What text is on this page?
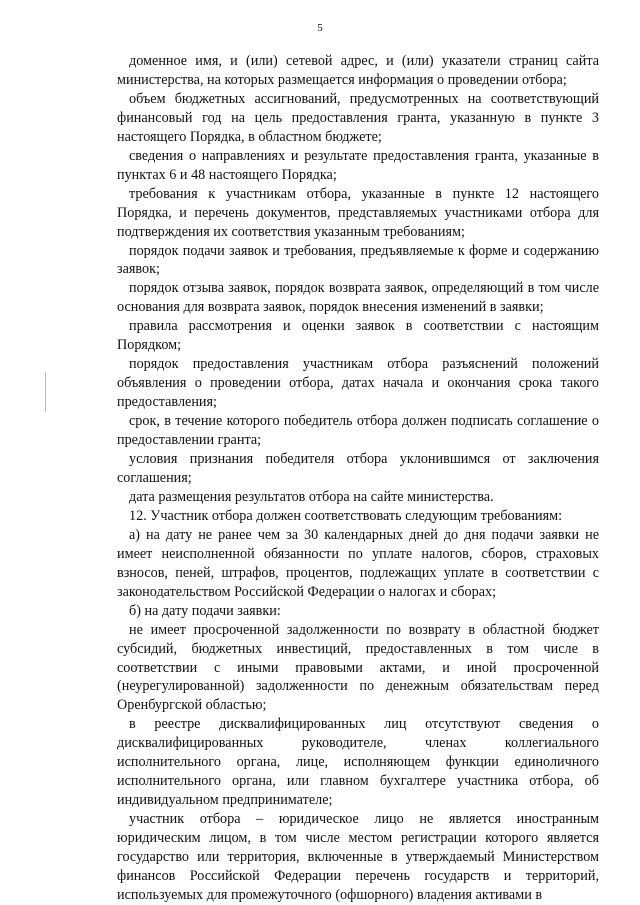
5

доменное имя, и (или) сетевой адрес, и (или) указатели страниц сайта министерства, на которых размещается информация о проведении отбора;

объем бюджетных ассигнований, предусмотренных на соответствующий финансовый год на цель предоставления гранта, указанную в пункте 3 настоящего Порядка, в областном бюджете;

сведения о направлениях и результате предоставления гранта, указанные в пунктах 6 и 48 настоящего Порядка;

требования к участникам отбора, указанные в пункте 12 настоящего Порядка, и перечень документов, представляемых участниками отбора для подтверждения их соответствия указанным требованиям;

порядок подачи заявок и требования, предъявляемые к форме и содержанию заявок;

порядок отзыва заявок, порядок возврата заявок, определяющий в том числе основания для возврата заявок, порядок внесения изменений в заявки;

правила рассмотрения и оценки заявок в соответствии с настоящим Порядком;

порядок предоставления участникам отбора разъяснений положений объявления о проведении отбора, датах начала и окончания срока такого предоставления;

срок, в течение которого победитель отбора должен подписать соглашение о предоставлении гранта;

условия признания победителя отбора уклонившимся от заключения соглашения;

дата размещения результатов отбора на сайте министерства.

12. Участник отбора должен соответствовать следующим требованиям:

а) на дату не ранее чем за 30 календарных дней до дня подачи заявки не имеет неисполненной обязанности по уплате налогов, сборов, страховых взносов, пеней, штрафов, процентов, подлежащих уплате в соответствии с законодательством Российской Федерации о налогах и сборах;

б) на дату подачи заявки:

не имеет просроченной задолженности по возврату в областной бюджет субсидий, бюджетных инвестиций, предоставленных в том числе в соответствии с иными правовыми актами, и иной просроченной (неурегулированной) задолженности по денежным обязательствам перед Оренбургской областью;

в реестре дисквалифицированных лиц отсутствуют сведения о дисквалифицированных руководителе, членах коллегиального исполнительного органа, лице, исполняющем функции единоличного исполнительного органа, или главном бухгалтере участника отбора, об индивидуальном предпринимателе;

участник отбора – юридическое лицо не является иностранным юридическим лицом, в том числе местом регистрации которого является государство или территория, включенные в утверждаемый Министерством финансов Российской Федерации перечень государств и территорий, используемых для промежуточного (офшорного) владения активами в
